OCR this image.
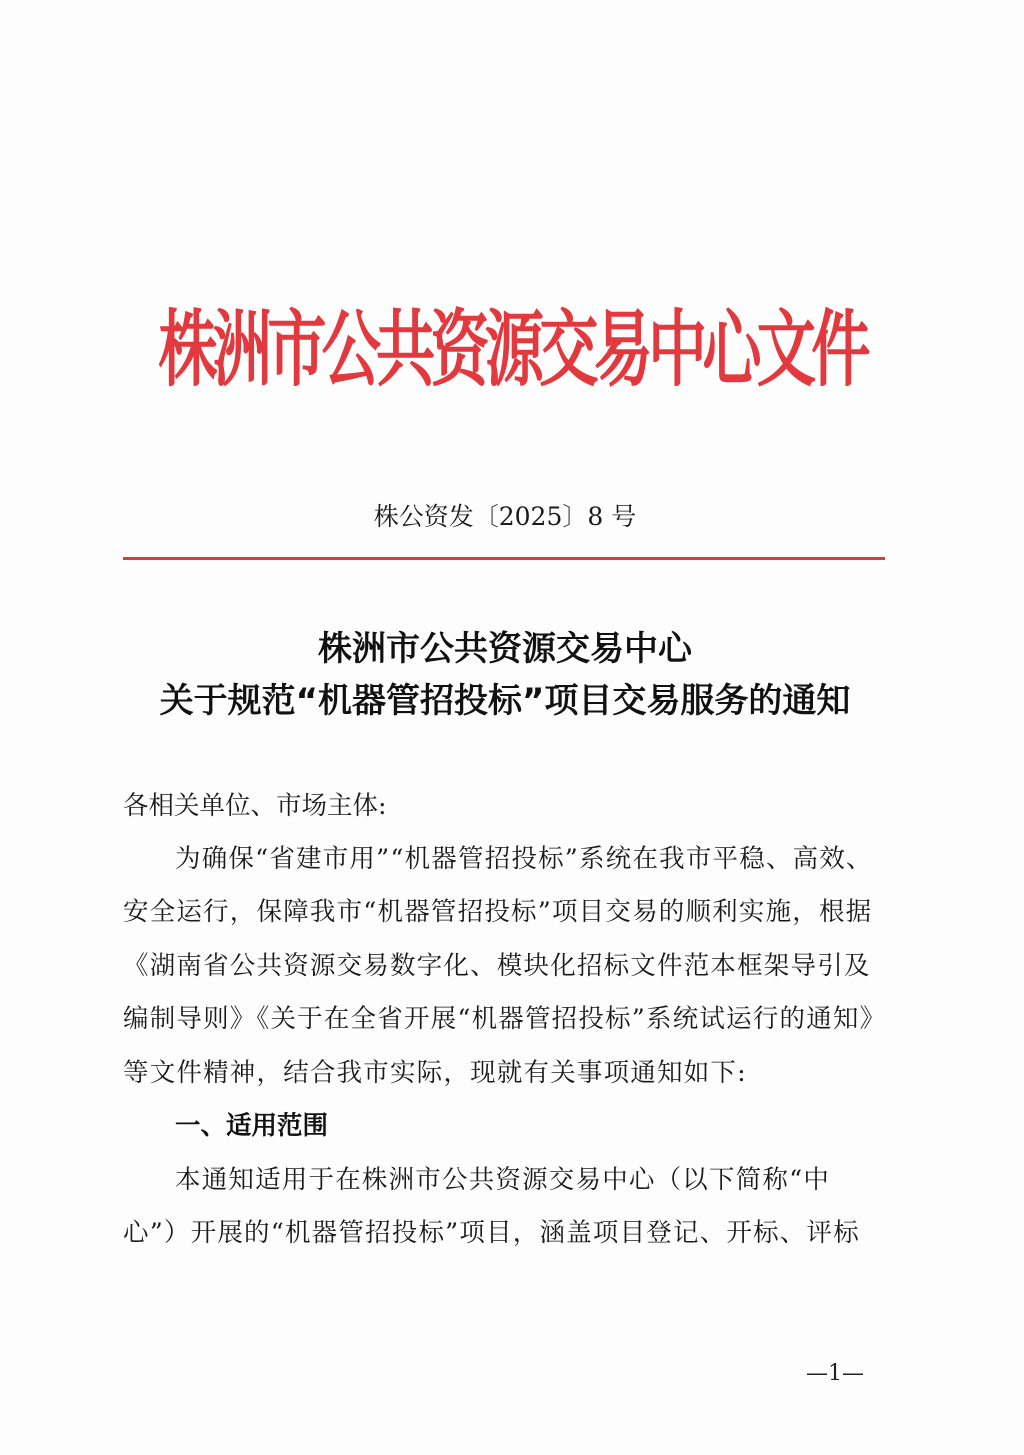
株洲市公共资源交易中心文件
株公资发〔2025〕8 号
株洲市公共资源交易中心
关于规范“机器管招投标”项目交易服务的通知
各相关单位、市场主体:
为确保“省建市用”“机器管招投标”系统在我市平稳、高效、
安全运行，保障我市“机器管招投标”项目交易的顺利实施，根据
《湖南省公共资源交易数字化、模块化招标文件范本框架导引及
编制导则》《关于在全省开展“机器管招投标”系统试运行的通知》
等文件精神，结合我市实际，现就有关事项通知如下:
一、适用范围
本通知适用于在株洲市公共资源交易中心（以下简称“中
心”）开展的“机器管招投标”项目，涵盖项目登记、开标、评标
—1—
